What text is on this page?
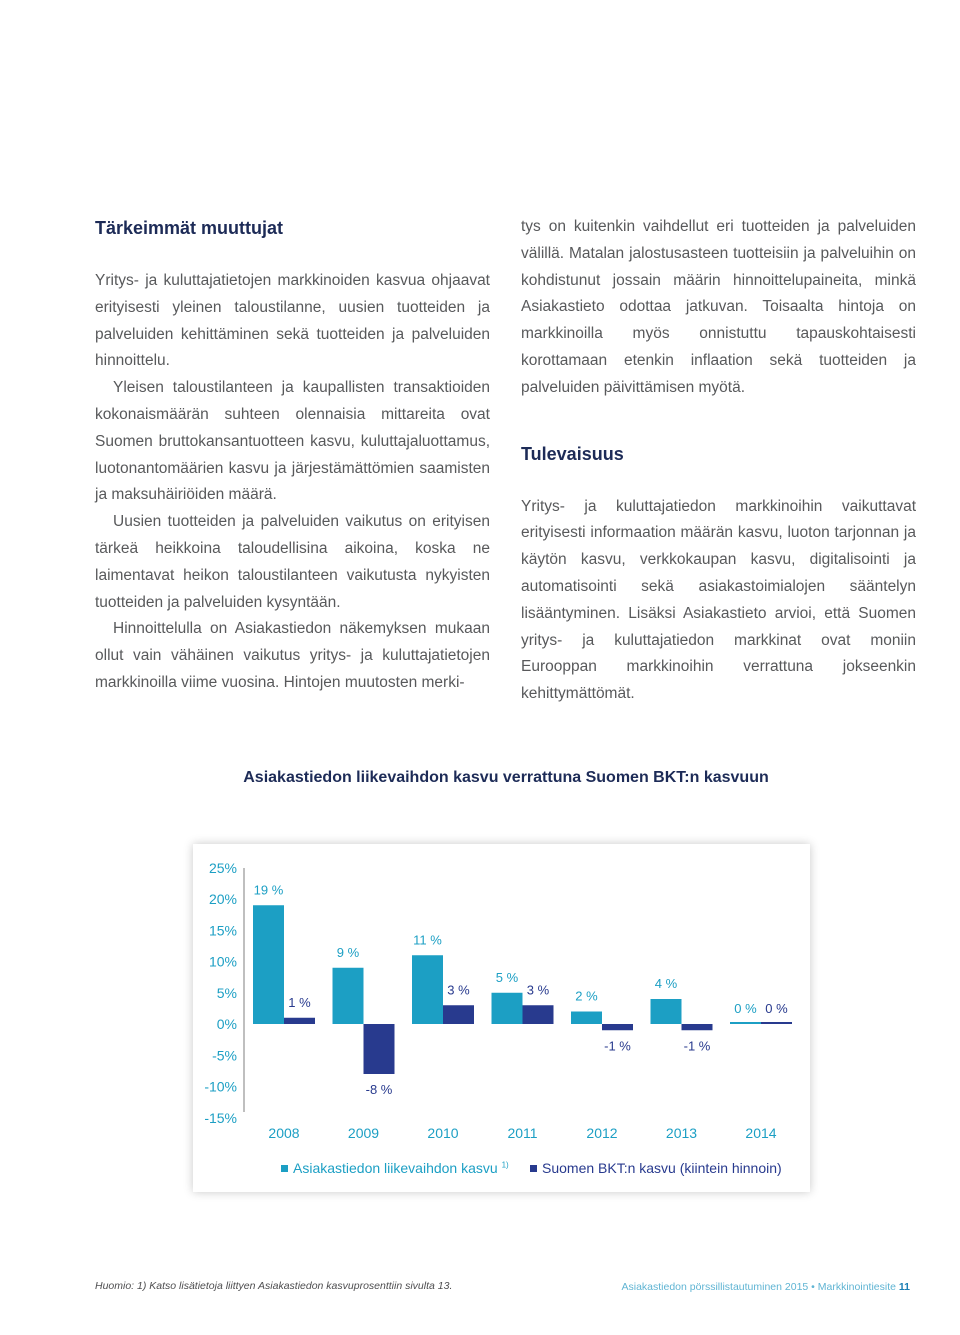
Tärkeimmät muuttujat

Yritys- ja kuluttajatietojen markkinoiden kasvua ohjaavat erityisesti yleinen taloustilanne, uusien tuotteiden ja palveluiden kehittäminen sekä tuotteiden ja palveluiden hinnoittelu.

Yleisen taloustilanteen ja kaupallisten transaktioiden kokonaismäärän suhteen olennaisia mittareita ovat Suomen bruttokansantuotteen kasvu, kuluttajaluottamus, luotonantomäärien kasvu ja järjestämättömien saamisten ja maksuhäiriöiden määrä.

Uusien tuotteiden ja palveluiden vaikutus on erityisen tärkeä heikkoina taloudellisina aikoina, koska ne laimentavat heikon taloustilanteen vaikutusta nykyisten tuotteiden ja palveluiden kysyntään.

Hinnoittelulla on Asiakastiedon näkemyksen mukaan ollut vain vähäinen vaikutus yritys- ja kuluttajatietojen markkinoilla viime vuosina. Hintojen muutosten merki-

tys on kuitenkin vaihdellut eri tuotteiden ja palveluiden välillä. Matalan jalostusasteen tuotteisiin ja palveluihin on kohdistunut jossain määrin hinnoittelupaineita, minkä Asiakastieto odottaa jatkuvan. Toisaalta hintoja on markkinoilla myös onnistuttu tapauskohtaisesti korottamaan etenkin inflaation sekä tuotteiden ja palveluiden päivittämisen myötä.

Tulevaisuus

Yritys- ja kuluttajatiedon markkinoihin vaikuttavat erityisesti informaation määrän kasvu, luoton tarjonnan ja käytön kasvu, verkkokaupan kasvu, digitalisointi ja automatisointi sekä asiakastoimialojen sääntelyn lisääntyminen. Lisäksi Asiakastieto arvioi, että Suomen yritys- ja kuluttajatiedon markkinat ovat moniin Eurooppan markkinoihin verrattuna jokseenkin kehittymättömät.

Asiakastiedon liikevaihdon kasvu verrattuna Suomen BKT:n kasvuun
25%
20%
15%
10%
5%
0%
-5%
-10%
-15%
19 %
9 %
11 %
5 %
2 %
4 %
0 %
1 %
-8 %
3 %	3 %
-1 %	-1 %
0 %
2008	2009	2010	2011	2012	2013	2014
Asiakastiedon liikevaihdon kasvu $^{1)}$	Suomen BKT:n kasvu (kiintein hinnoin)
Huomio: 1) Katso lisätietoja liittyen Asiakastiedon kasvuprosenttiin sivulta 13.	Asiakastiedon pörssillistautuminen 2015 • Markkinointiesite 11
